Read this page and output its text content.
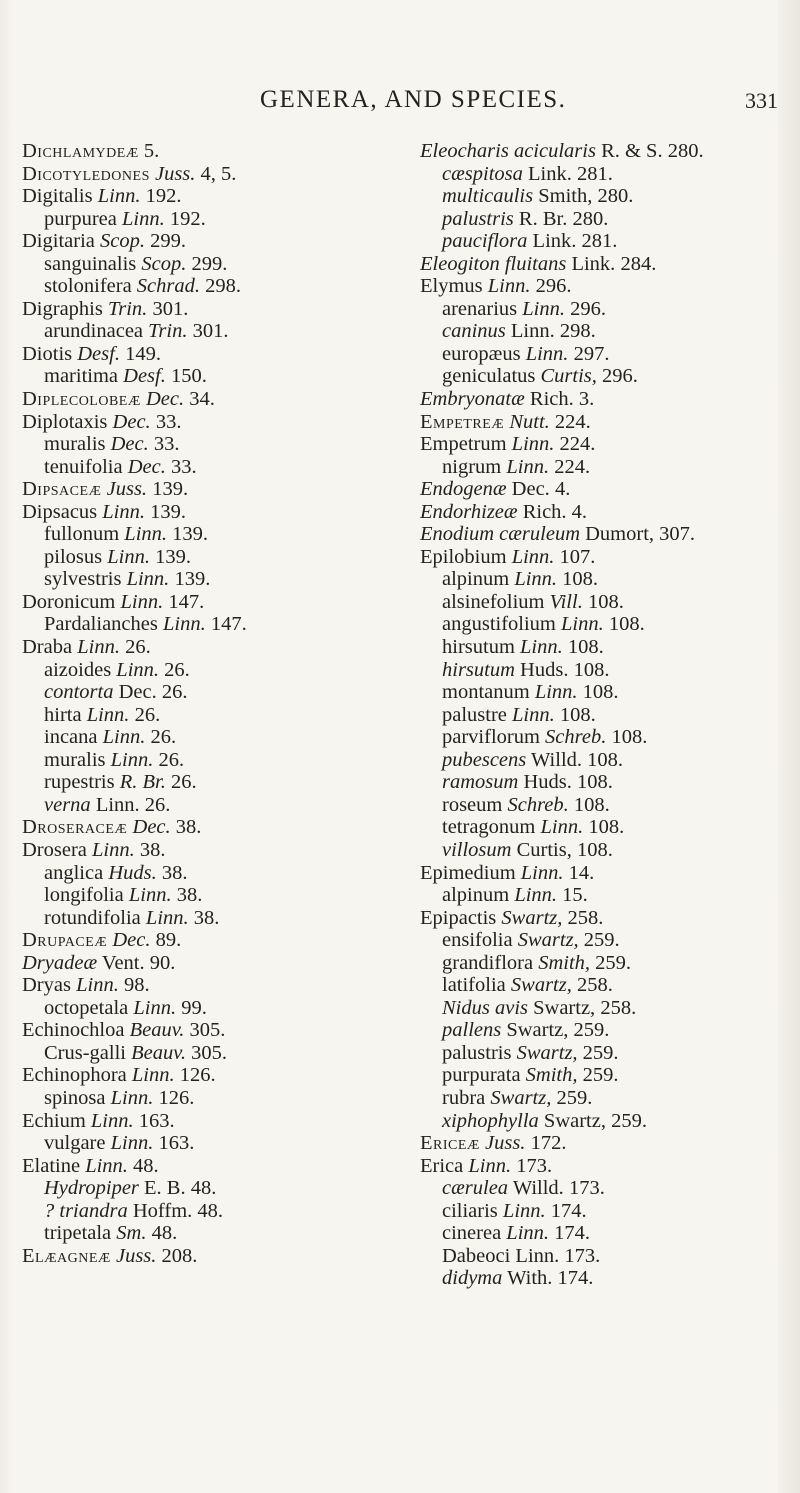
GENERA, AND SPECIES.	331
Dichlamydeæ 5.
Dicotyledones Juss. 4, 5.
Digitalis Linn. 192.
purpurea Linn. 192.
Digitaria Scop. 299.
sanguinalis Scop. 299.
stolonifera Schrad. 298.
Digraphis Trin. 301.
arundinacea Trin. 301.
Diotis Desf. 149.
maritima Desf. 150.
Diplecolobeæ Dec. 34.
Diplotaxis Dec. 33.
muralis Dec. 33.
tenuifolia Dec. 33.
Dipsaceæ Juss. 139.
Dipsacus Linn. 139.
fullonum Linn. 139.
pilosus Linn. 139.
sylvestris Linn. 139.
Doronicum Linn. 147.
Pardalianches Linn. 147.
Draba Linn. 26.
aizoides Linn. 26.
contorta Dec. 26.
hirta Linn. 26.
incana Linn. 26.
muralis Linn. 26.
rupestris R. Br. 26.
verna Linn. 26.
Droseraceæ Dec. 38.
Drosera Linn. 38.
anglica Huds. 38.
longifolia Linn. 38.
rotundifolia Linn. 38.
Drupaceæ Dec. 89.
Dryadeæ Vent. 90.
Dryas Linn. 98.
octopetala Linn. 99.
Echinochloa Beauv. 305.
Crus-galli Beauv. 305.
Echinophora Linn. 126.
spinosa Linn. 126.
Echium Linn. 163.
vulgare Linn. 163.
Elatine Linn. 48.
Hydropiper E. B. 48.
? triandra Hoffm. 48.
tripetala Sm. 48.
Elæagneæ Juss. 208.
Eleocharis acicularis R. & S. 280.
cæspitosa Link. 281.
multicaulis Smith, 280.
palustris R. Br. 280.
pauciflora Link. 281.
Eleogiton fluitans Link. 284.
Elymus Linn. 296.
arenarius Linn. 296.
caninus Linn. 298.
europæus Linn. 297.
geniculatus Curtis, 296.
Embryonatæ Rich. 3.
Empetreæ Nutt. 224.
Empetrum Linn. 224.
nigrum Linn. 224.
Endogenæ Dec. 4.
Endorhizeæ Rich. 4.
Enodium cæruleum Dumort, 307.
Epilobium Linn. 107.
alpinum Linn. 108.
alsinefolium Vill. 108.
angustifolium Linn. 108.
hirsutum Linn. 108.
hirsutum Huds. 108.
montanum Linn. 108.
palustre Linn. 108.
parviflorum Schreb. 108.
pubescens Willd. 108.
ramosum Huds. 108.
roseum Schreb. 108.
tetragonum Linn. 108.
villosum Curtis, 108.
Epimedium Linn. 14.
alpinum Linn. 15.
Epipactis Swartz, 258.
ensifolia Swartz, 259.
grandiflora Smith, 259.
latifolia Swartz, 258.
Nidus avis Swartz, 258.
pallens Swartz, 259.
palustris Swartz, 259.
purpurata Smith, 259.
rubra Swartz, 259.
xiphophylla Swartz, 259.
Ericeæ Juss. 172.
Erica Linn. 173.
cærulea Willd. 173.
ciliaris Linn. 174.
cinerea Linn. 174.
Dabeoci Linn. 173.
didyma With. 174.
